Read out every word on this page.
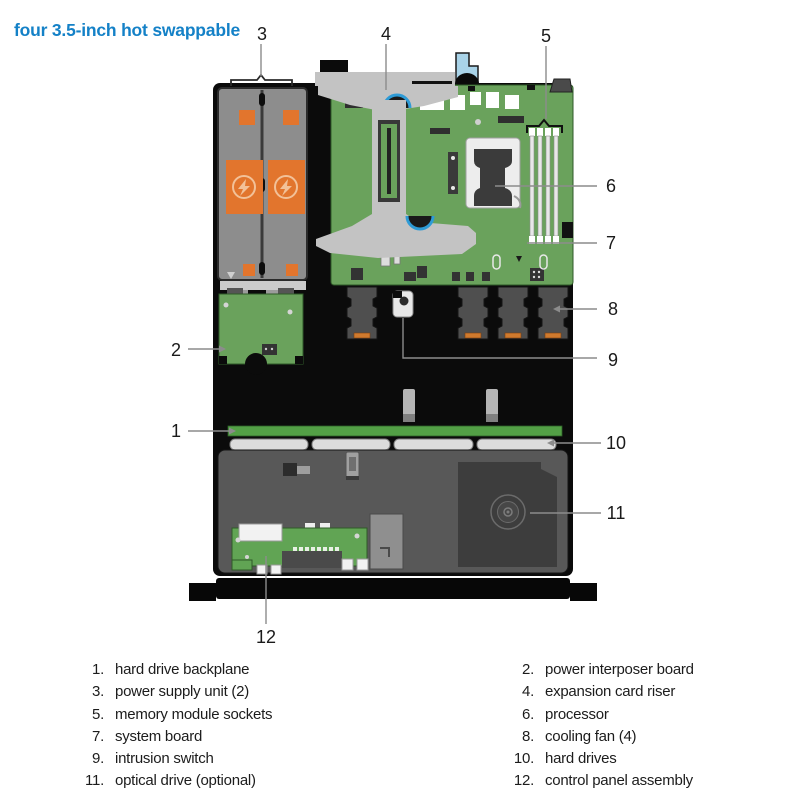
four 3.5-inch hot swappable
1
2
3	4	5
6
7
8
9
10
11
12
1. hard drive backplane
3. power supply unit (2)
5. memory module sockets
7. system board
9. intrusion switch
11. optical drive (optional)
2. power interposer board
4. expansion card riser
6. processor
8. cooling fan (4)
10. hard drives
12. control panel assembly
